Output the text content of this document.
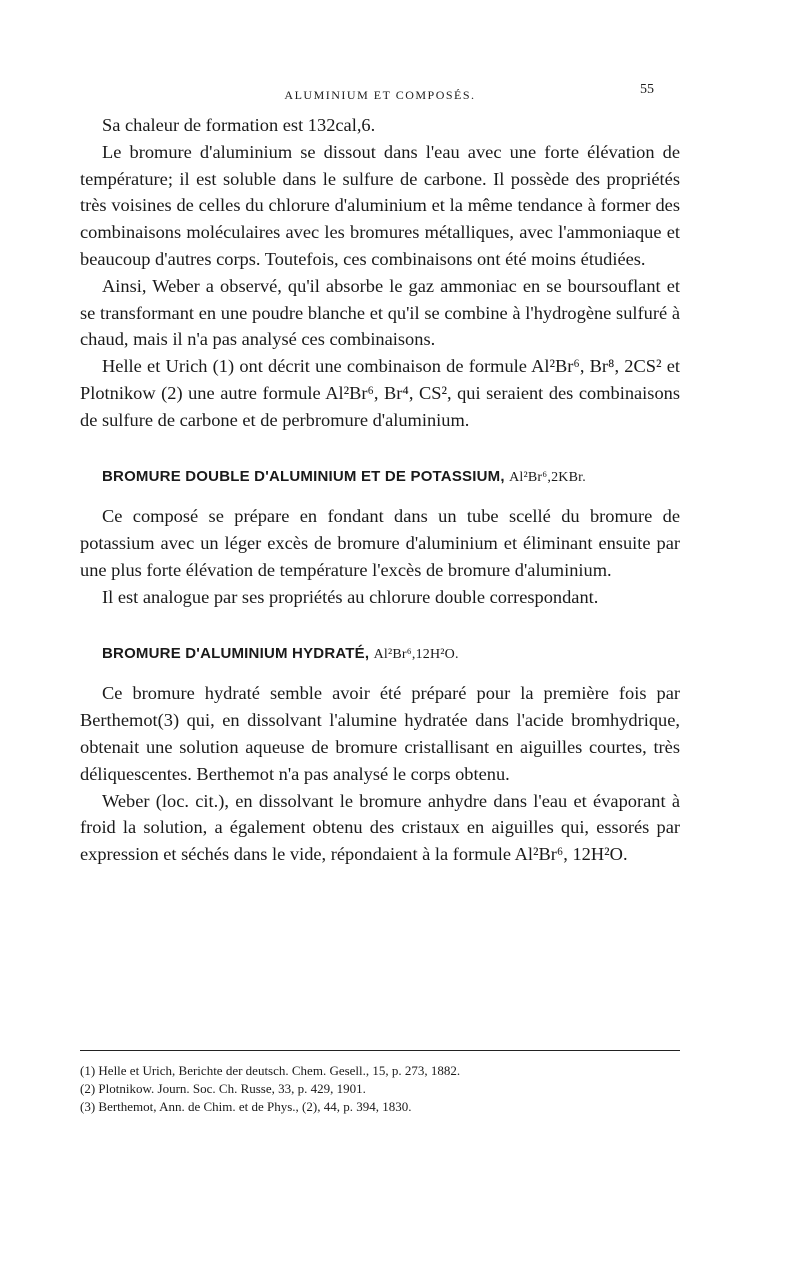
ALUMINIUM ET COMPOSÉS.	55

Sa chaleur de formation est 132cal,6.

Le bromure d'aluminium se dissout dans l'eau avec une forte élévation de température; il est soluble dans le sulfure de carbone. Il possède des propriétés très voisines de celles du chlorure d'aluminium et la même tendance à former des combinaisons moléculaires avec les bromures métalliques, avec l'ammoniaque et beaucoup d'autres corps. Toutefois, ces combinaisons ont été moins étudiées.

Ainsi, Weber a observé, qu'il absorbe le gaz ammoniac en se boursouflant et se transformant en une poudre blanche et qu'il se combine à l'hydrogène sulfuré à chaud, mais il n'a pas analysé ces combinaisons.

Helle et Urich (1) ont décrit une combinaison de formule Al²Br⁶, Br⁸, 2CS² et Plotnikow (2) une autre formule Al²Br⁶, Br⁴, CS², qui seraient des combinaisons de sulfure de carbone et de perbromure d'aluminium.

BROMURE DOUBLE D'ALUMINIUM ET DE POTASSIUM, Al²Br⁶,2KBr.

Ce composé se prépare en fondant dans un tube scellé du bromure de potassium avec un léger excès de bromure d'aluminium et éliminant ensuite par une plus forte élévation de température l'excès de bromure d'aluminium.

Il est analogue par ses propriétés au chlorure double correspondant.

BROMURE D'ALUMINIUM HYDRATÉ, Al²Br⁶,12H²O.

Ce bromure hydraté semble avoir été préparé pour la première fois par Berthemot(3) qui, en dissolvant l'alumine hydratée dans l'acide bromhydrique, obtenait une solution aqueuse de bromure cristallisant en aiguilles courtes, très déliquescentes. Berthemot n'a pas analysé le corps obtenu.

Weber (loc. cit.), en dissolvant le bromure anhydre dans l'eau et évaporant à froid la solution, a également obtenu des cristaux en aiguilles qui, essorés par expression et séchés dans le vide, répondaient à la formule Al²Br⁶, 12H²O.

(1) Helle et Urich, Berichte der deutsch. Chem. Gesell., 15, p. 273, 1882.
(2) Plotnikow. Journ. Soc. Ch. Russe, 33, p. 429, 1901.
(3) Berthemot, Ann. de Chim. et de Phys., (2), 44, p. 394, 1830.
